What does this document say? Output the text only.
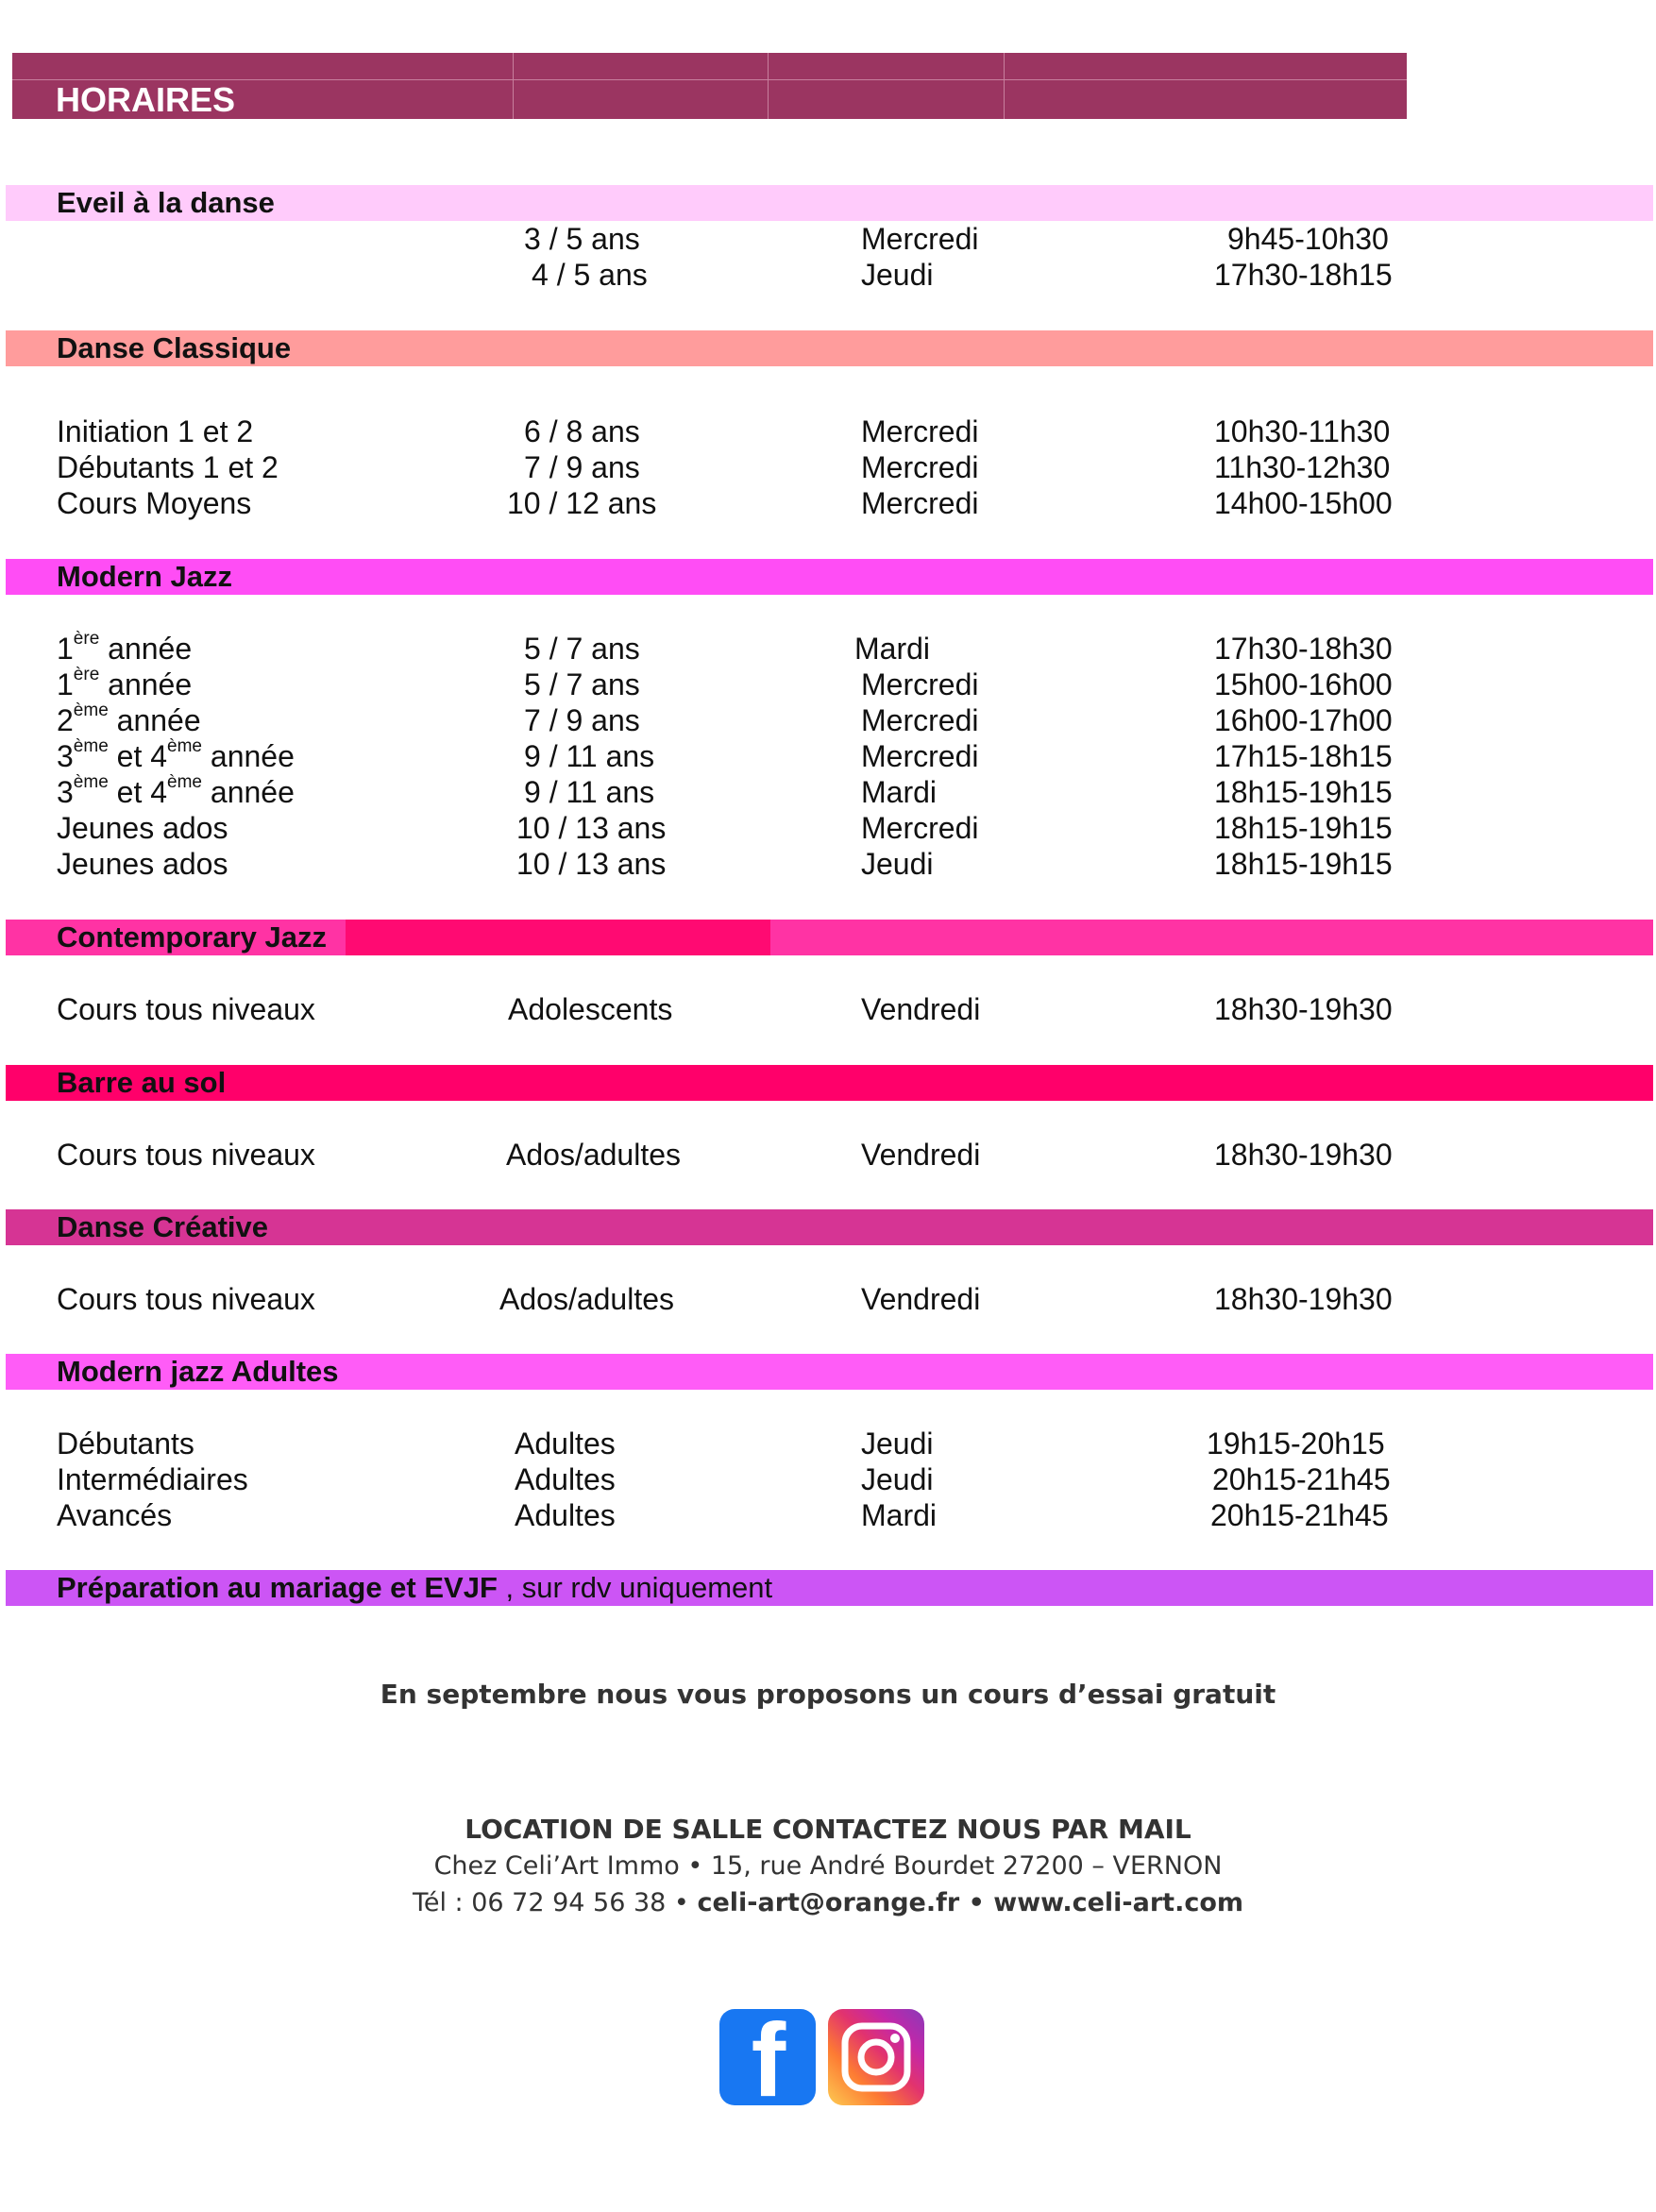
HORAIRES
Eveil à la danse
3 / 5 ans	Mercredi	9h45-10h30
4 / 5 ans	Jeudi	17h30-18h15
Danse Classique
Initiation 1 et 2	6 / 8 ans	Mercredi	10h30-11h30
Débutants 1 et 2	7 / 9 ans	Mercredi	11h30-12h30
Cours Moyens	10 / 12 ans	Mercredi	14h00-15h00
Modern Jazz
1ère année	5 / 7 ans	Mardi	17h30-18h30
1ère année	5 / 7 ans	Mercredi	15h00-16h00
2ème année	7 / 9 ans	Mercredi	16h00-17h00
3ème et 4ème année	9 / 11 ans	Mercredi	17h15-18h15
3ème et 4ème année	9 / 11 ans	Mardi	18h15-19h15
Jeunes ados	10 / 13 ans	Mercredi	18h15-19h15
Jeunes ados	10 / 13 ans	Jeudi	18h15-19h15
Contemporary Jazz
Cours tous niveaux	Adolescents	Vendredi	18h30-19h30
Barre au sol
Cours tous niveaux	Ados/adultes	Vendredi	18h30-19h30
Danse Créative
Cours tous niveaux	Ados/adultes	Vendredi	18h30-19h30
Modern jazz Adultes
Débutants	Adultes	Jeudi	19h15-20h15
Intermédiaires	Adultes	Jeudi	20h15-21h45
Avancés	Adultes	Mardi	20h15-21h45
Préparation au mariage et EVJF , sur rdv uniquement
En septembre nous vous proposons un cours d’essai gratuit
LOCATION DE SALLE CONTACTEZ NOUS PAR MAIL
Chez Celi’Art Immo • 15, rue André Bourdet 27200 – VERNON
Tél : 06 72 94 56 38 • celi-art@orange.fr • www.celi-art.com
f
